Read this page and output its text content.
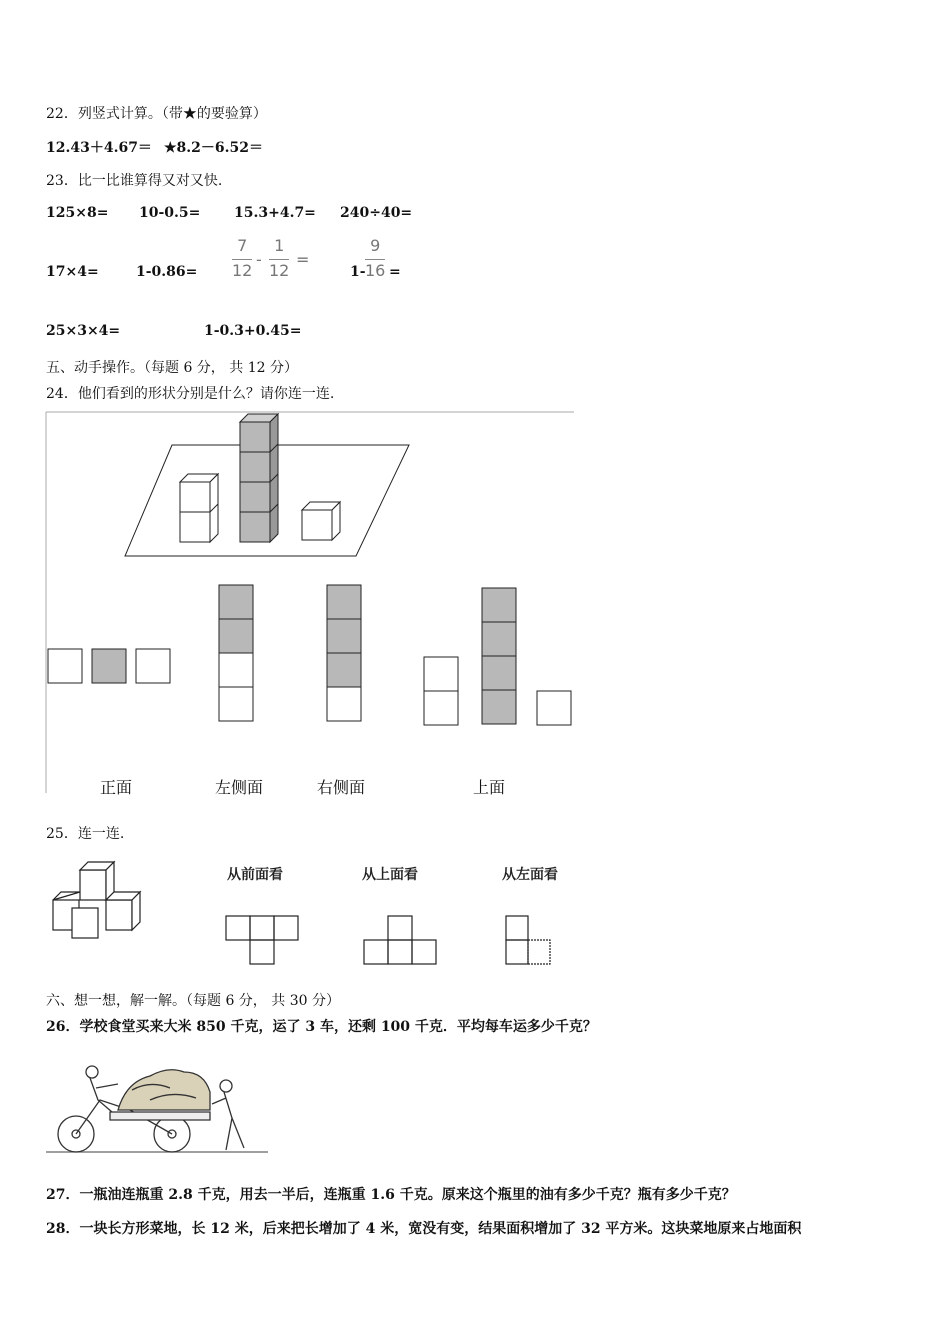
22．列竖式计算。（带★的要验算）
12.43＋4.67＝ ★8.2－6.52＝
23．比一比谁算得又对又快.
125×8= 10-0.5= 15.3+4.7= 240÷40=
17×4=	1-0.86=
7
12
-
1
12
=
1-
9
16 =
25×3×4=	1-0.3+0.45=
五、动手操作。（每题 6 分， 共 12 分）
24．他们看到的形状分别是什么？请你连一连.
正面	左侧面	右侧面	上面
25．连一连.
从前面看	从上面看	从左面看
六、想一想，解一解。（每题 6 分， 共 30 分）
26．学校食堂买来大米 850 千克，运了 3 车，还剩 100 千克．平均每车运多少千克？
27．一瓶油连瓶重 2.8 千克，用去一半后，连瓶重 1.6 千克。原来这个瓶里的油有多少千克？瓶有多少千克？
28．一块长方形菜地，长 12 米，后来把长增加了 4 米，宽没有变，结果面积增加了 32 平方米。这块菜地原来占地面积
